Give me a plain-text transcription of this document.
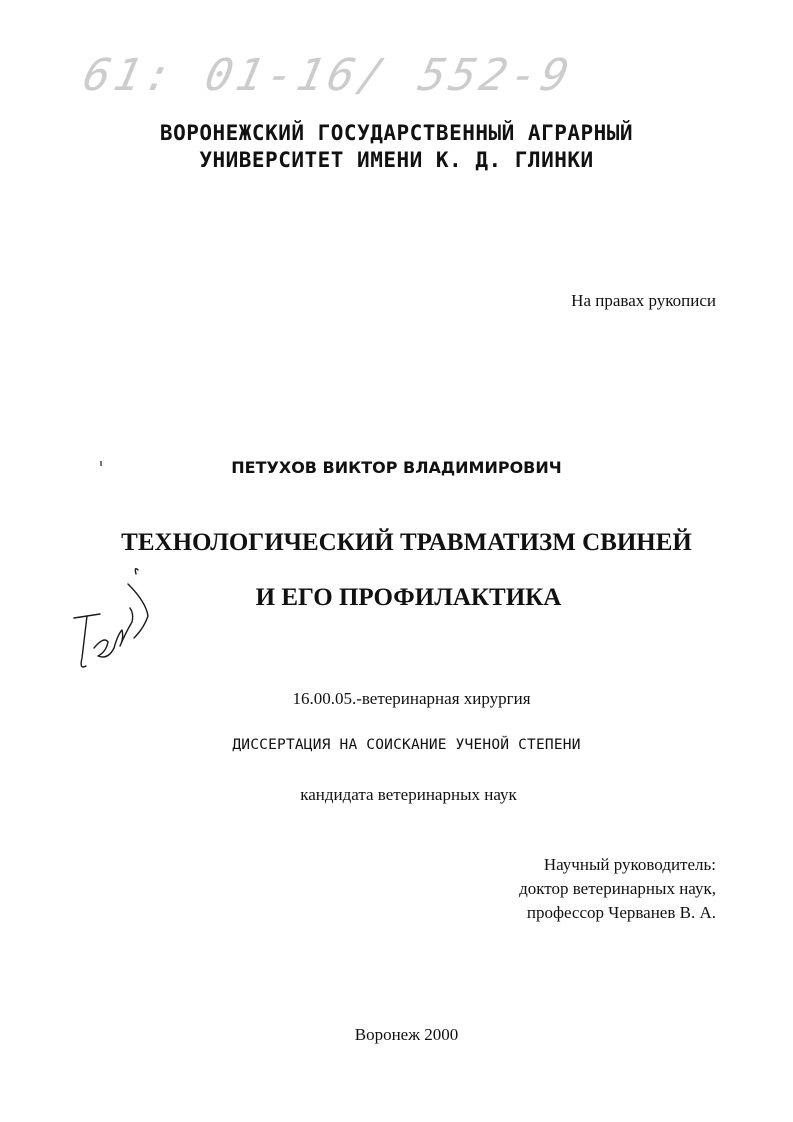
61: 01-16/ 552-9
ВОРОНЕЖСКИЙ ГОСУДАРСТВЕННЫЙ АГРАРНЫЙ
УНИВЕРСИТЕТ ИМЕНИ К. Д. ГЛИНКИ
На правах рукописи
ПЕТУХОВ ВИКТОР ВЛАДИМИРОВИЧ
ТЕХНОЛОГИЧЕСКИЙ ТРАВМАТИЗМ СВИНЕЙ
И ЕГО ПРОФИЛАКТИКА
16.00.05.-ветеринарная хирургия
ДИССЕРТАЦИЯ НА СОИСКАНИЕ УЧЕНОЙ СТЕПЕНИ
кандидата ветеринарных наук
Научный руководитель:
доктор ветеринарных наук,
профессор Черванев В. А.
Воронеж 2000
